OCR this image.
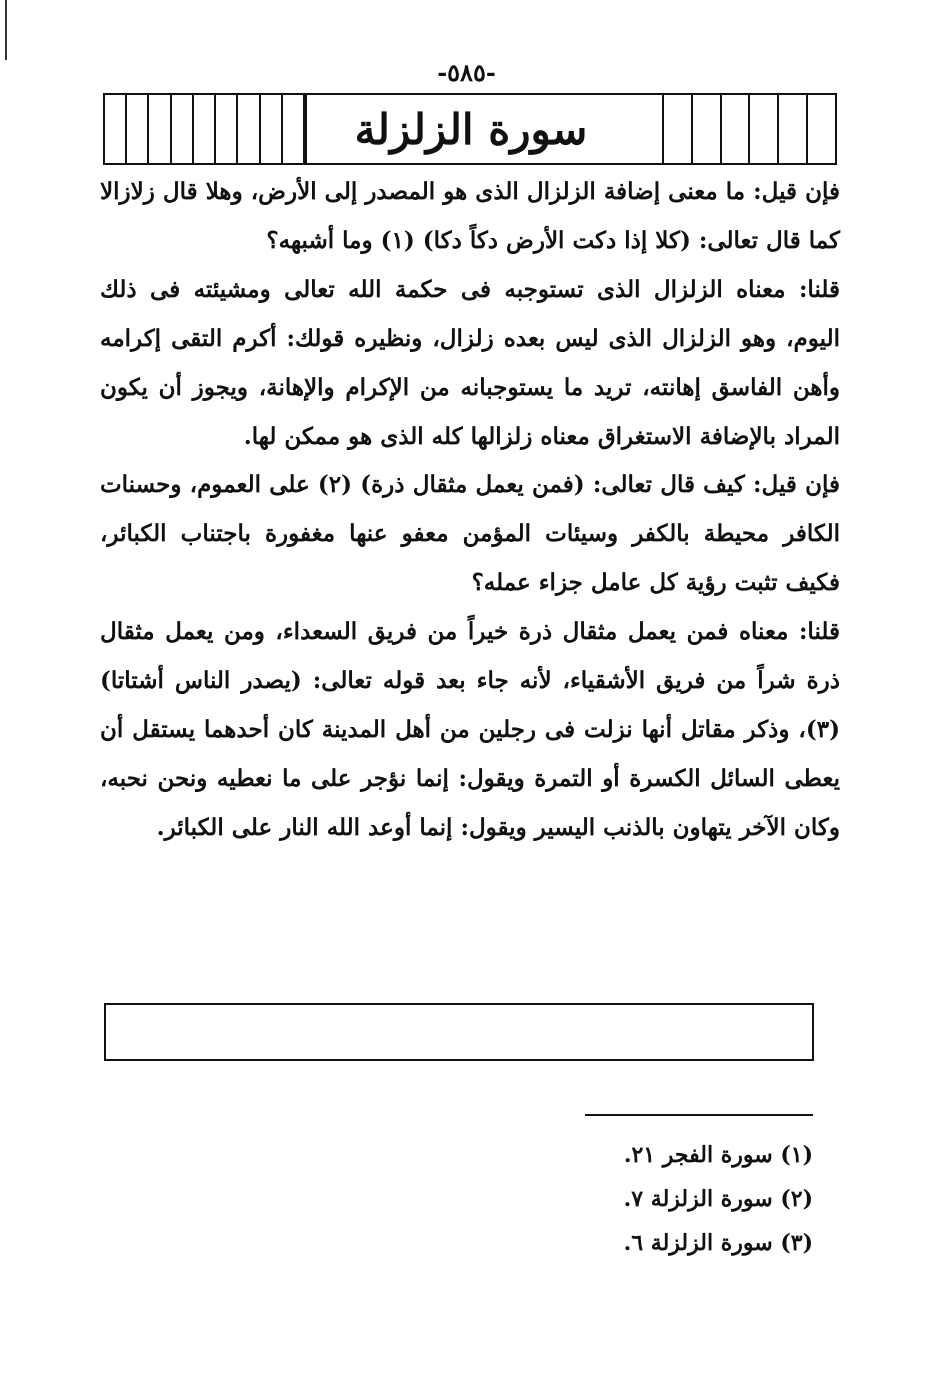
-٥٨٥-
سورة الزلزلة

فإن قيل: ما معنى إضافة الزلزال الذى هو المصدر إلى الأرض، وهلا قال زلازالا كما قال تعالى: (كلا إذا دكت الأرض دكاً دكا) (١) وما أشبهه؟

قلنا: معناه الزلزال الذى تستوجبه فى حكمة الله تعالى ومشيئته فى ذلك اليوم، وهو الزلزال الذى ليس بعده زلزال، ونظيره قولك: أكرم التقى إكرامه وأهن الفاسق إهانته، تريد ما يستوجبانه من الإكرام والإهانة، ويجوز أن يكون المراد بالإضافة الاستغراق معناه زلزالها كله الذى هو ممكن لها.

فإن قيل: كيف قال تعالى: (فمن يعمل مثقال ذرة) (٢) على العموم، وحسنات الكافر محيطة بالكفر وسيئات المؤمن معفو عنها مغفورة باجتناب الكبائر، فكيف تثبت رؤية كل عامل جزاء عمله؟

قلنا: معناه فمن يعمل مثقال ذرة خيراً من فريق السعداء، ومن يعمل مثقال ذرة شراً من فريق الأشقياء، لأنه جاء بعد قوله تعالى: (يصدر الناس أشتاتا) (٣)، وذكر مقاتل أنها نزلت فى رجلين من أهل المدينة كان أحدهما يستقل أن يعطى السائل الكسرة أو التمرة ويقول: إنما نؤجر على ما نعطيه ونحن نحبه، وكان الآخر يتهاون بالذنب اليسير ويقول: إنما أوعد الله النار على الكبائر.

(١) سورة الفجر ٢١.
(٢) سورة الزلزلة ٧.
(٣) سورة الزلزلة ٦.
